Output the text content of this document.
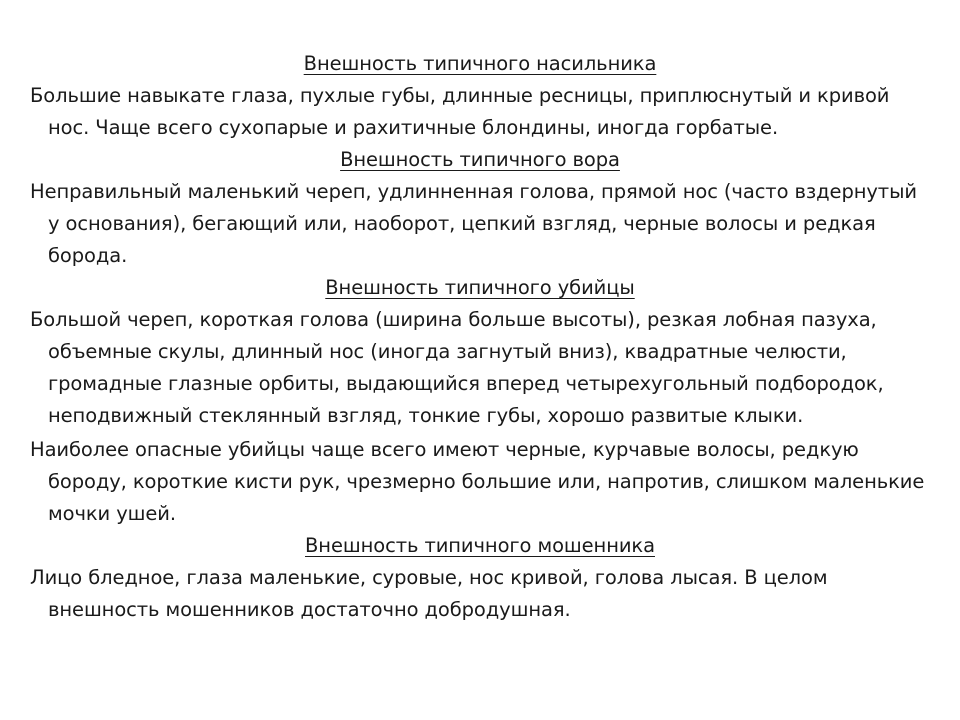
Внешность типичного насильника

Большие навыкате глаза, пухлые губы, длинные ресницы, приплюснутый и кривой нос. Чаще всего сухопарые и рахитичные блондины, иногда горбатые.

Внешность типичного вора

Неправильный маленький череп, удлинненная голова, прямой нос (часто вздернутый у основания), бегающий или, наоборот, цепкий взгляд, черные волосы и редкая борода.

Внешность типичного убийцы

Большой череп, короткая голова (ширина больше высоты), резкая лобная пазуха, объемные скулы, длинный нос (иногда загнутый вниз), квадратные челюсти, громадные глазные орбиты, выдающийся вперед четырехугольный подбородок, неподвижный стеклянный взгляд, тонкие губы, хорошо развитые клыки.

Наиболее опасные убийцы чаще всего имеют черные, курчавые волосы, редкую бороду, короткие кисти рук, чрезмерно большие или, напротив, слишком маленькие мочки ушей.

Внешность типичного мошенника

Лицо бледное, глаза маленькие, суровые, нос кривой, голова лысая. В целом внешность мошенников достаточно добродушная.
